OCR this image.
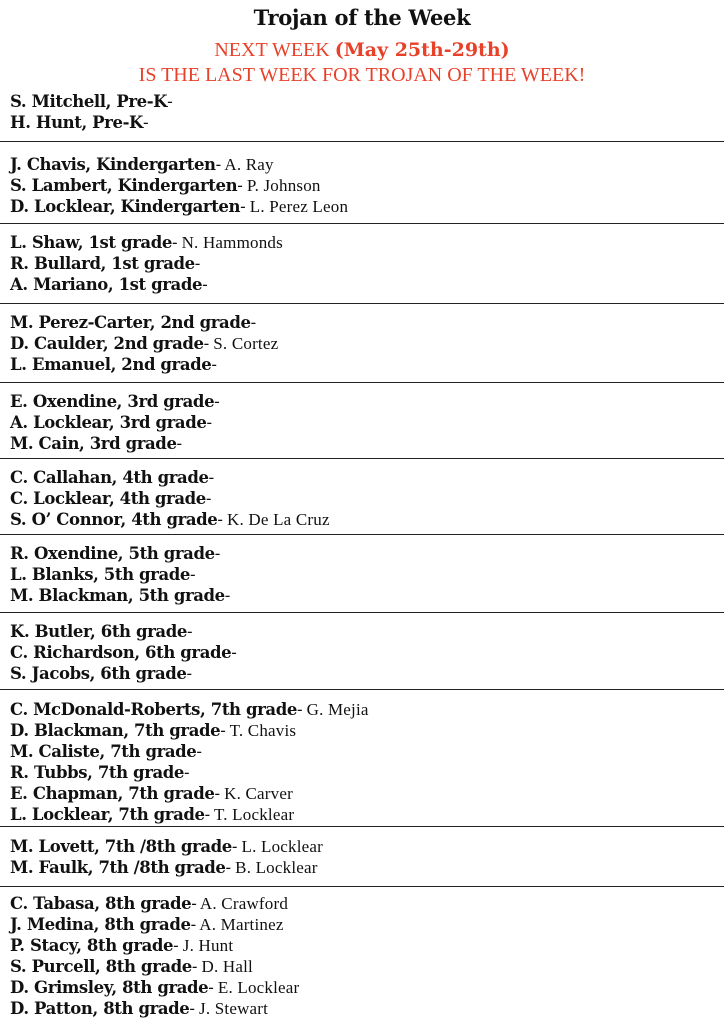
Trojan of the Week
NEXT WEEK (May 25th-29th)
IS THE LAST WEEK FOR TROJAN OF THE WEEK!
S. Mitchell, Pre-K-
H. Hunt, Pre-K-
J. Chavis, Kindergarten- A. Ray
S. Lambert, Kindergarten- P. Johnson
D. Locklear, Kindergarten- L. Perez Leon
L. Shaw, 1st grade- N. Hammonds
R. Bullard, 1st grade-
A. Mariano, 1st grade-
M. Perez-Carter, 2nd grade-
D. Caulder, 2nd grade- S. Cortez
L. Emanuel, 2nd grade-
E. Oxendine, 3rd grade-
A. Locklear, 3rd grade-
M. Cain, 3rd grade-
C. Callahan, 4th grade-
C. Locklear, 4th grade-
S. O’ Connor, 4th grade- K. De La Cruz
R. Oxendine, 5th grade-
L. Blanks, 5th grade-
M. Blackman, 5th grade-
K. Butler, 6th grade-
C. Richardson, 6th grade-
S. Jacobs, 6th grade-
C. McDonald-Roberts, 7th grade- G. Mejia
D. Blackman, 7th grade- T. Chavis
M. Caliste, 7th grade-
R. Tubbs, 7th grade-
E. Chapman, 7th grade- K. Carver
L. Locklear, 7th grade- T. Locklear
M. Lovett, 7th /8th grade- L. Locklear
M. Faulk, 7th /8th grade- B. Locklear
C. Tabasa, 8th grade- A. Crawford
J. Medina, 8th grade- A. Martinez
P. Stacy, 8th grade- J. Hunt
S. Purcell, 8th grade- D. Hall
D. Grimsley, 8th grade- E. Locklear
D. Patton, 8th grade- J. Stewart
